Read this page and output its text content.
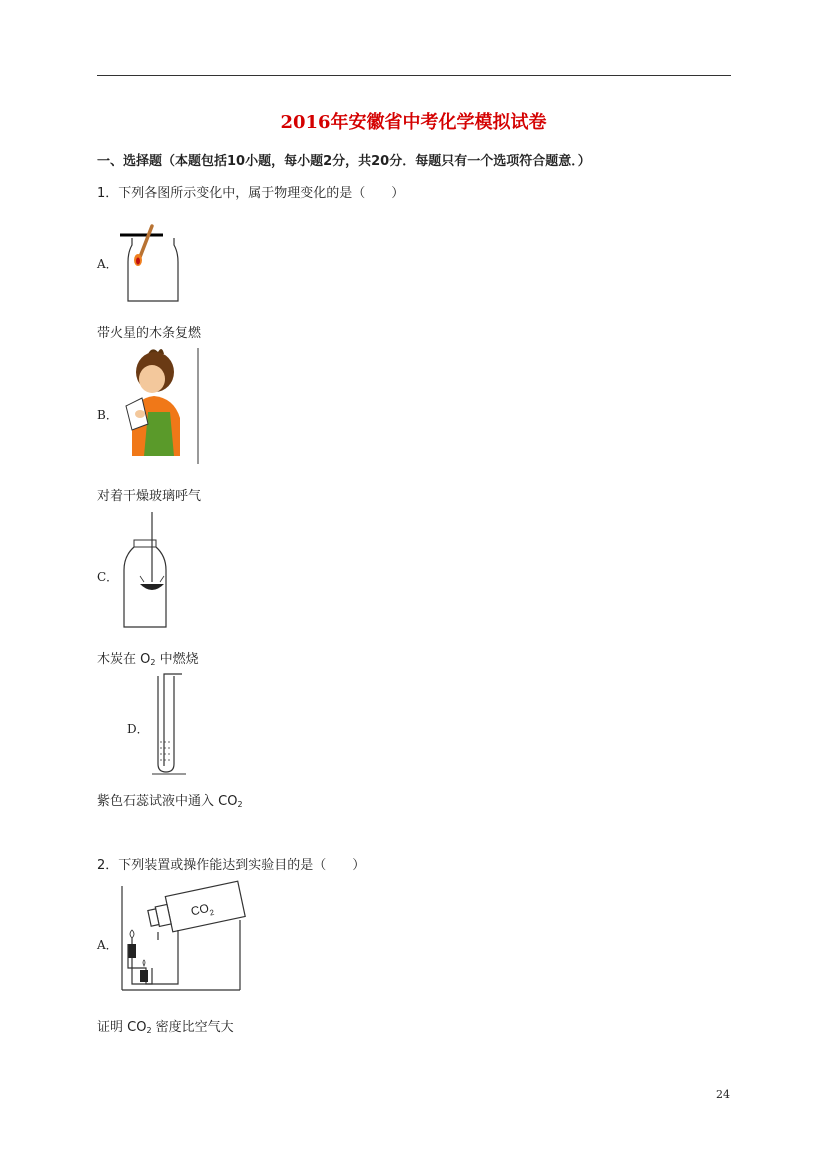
2016年安徽省中考化学模拟试卷
一、选择题（本题包括10小题，每小题2分，共20分．每题只有一个选项符合题意．）
1．下列各图所示变化中，属于物理变化的是（　　）
A．
带火星的木条复燃
B．
对着干燥玻璃呼气
C．
木炭在 $O_2$ 中燃烧
D．
紫色石蕊试液中通入 $CO_2$
2．下列装置或操作能达到实验目的是（　　）
A．
$CO_2$
证明 $CO_2$ 密度比空气大
24
